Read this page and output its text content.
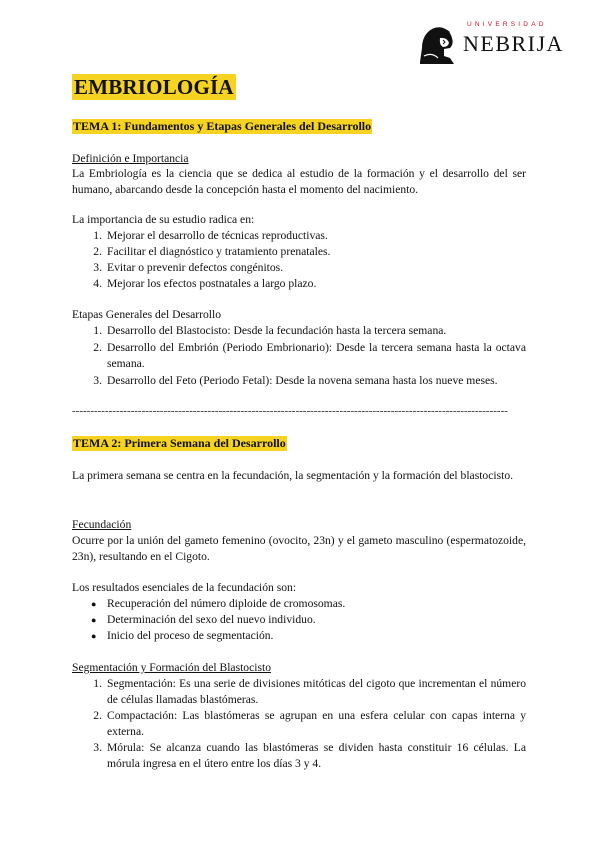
UNIVERSIDAD
NEBRIJA
EMBRIOLOGÍA
TEMA 1: Fundamentos y Etapas Generales del Desarrollo
Definición e Importancia
La Embriología es la ciencia que se dedica al estudio de la formación y el desarrollo del ser humano, abarcando desde la concepción hasta el momento del nacimiento.
La importancia de su estudio radica en:
1. Mejorar el desarrollo de técnicas reproductivas.
2. Facilitar el diagnóstico y tratamiento prenatales.
3. Evitar o prevenir defectos congénitos.
4. Mejorar los efectos postnatales a largo plazo.
Etapas Generales del Desarrollo
1. Desarrollo del Blastocisto: Desde la fecundación hasta la tercera semana.
2. Desarrollo del Embrión (Periodo Embrionario): Desde la tercera semana hasta la octava semana.
3. Desarrollo del Feto (Periodo Fetal): Desde la novena semana hasta los nueve meses.
-----------------------------------------------------------------------------------------------------------------------
TEMA 2: Primera Semana del Desarrollo
La primera semana se centra en la fecundación, la segmentación y la formación del blastocisto.
Fecundación
Ocurre por la unión del gameto femenino (ovocito, 23n) y el gameto masculino (espermatozoide, 23n), resultando en el Cigoto.
Los resultados esenciales de la fecundación son:
● Recuperación del número diploide de cromosomas.
● Determinación del sexo del nuevo individuo.
● Inicio del proceso de segmentación.
Segmentación y Formación del Blastocisto
1. Segmentación: Es una serie de divisiones mitóticas del cigoto que incrementan el número de células llamadas blastómeras.
2. Compactación: Las blastómeras se agrupan en una esfera celular con capas interna y externa.
3. Mórula: Se alcanza cuando las blastómeras se dividen hasta constituir 16 células. La mórula ingresa en el útero entre los días 3 y 4.
